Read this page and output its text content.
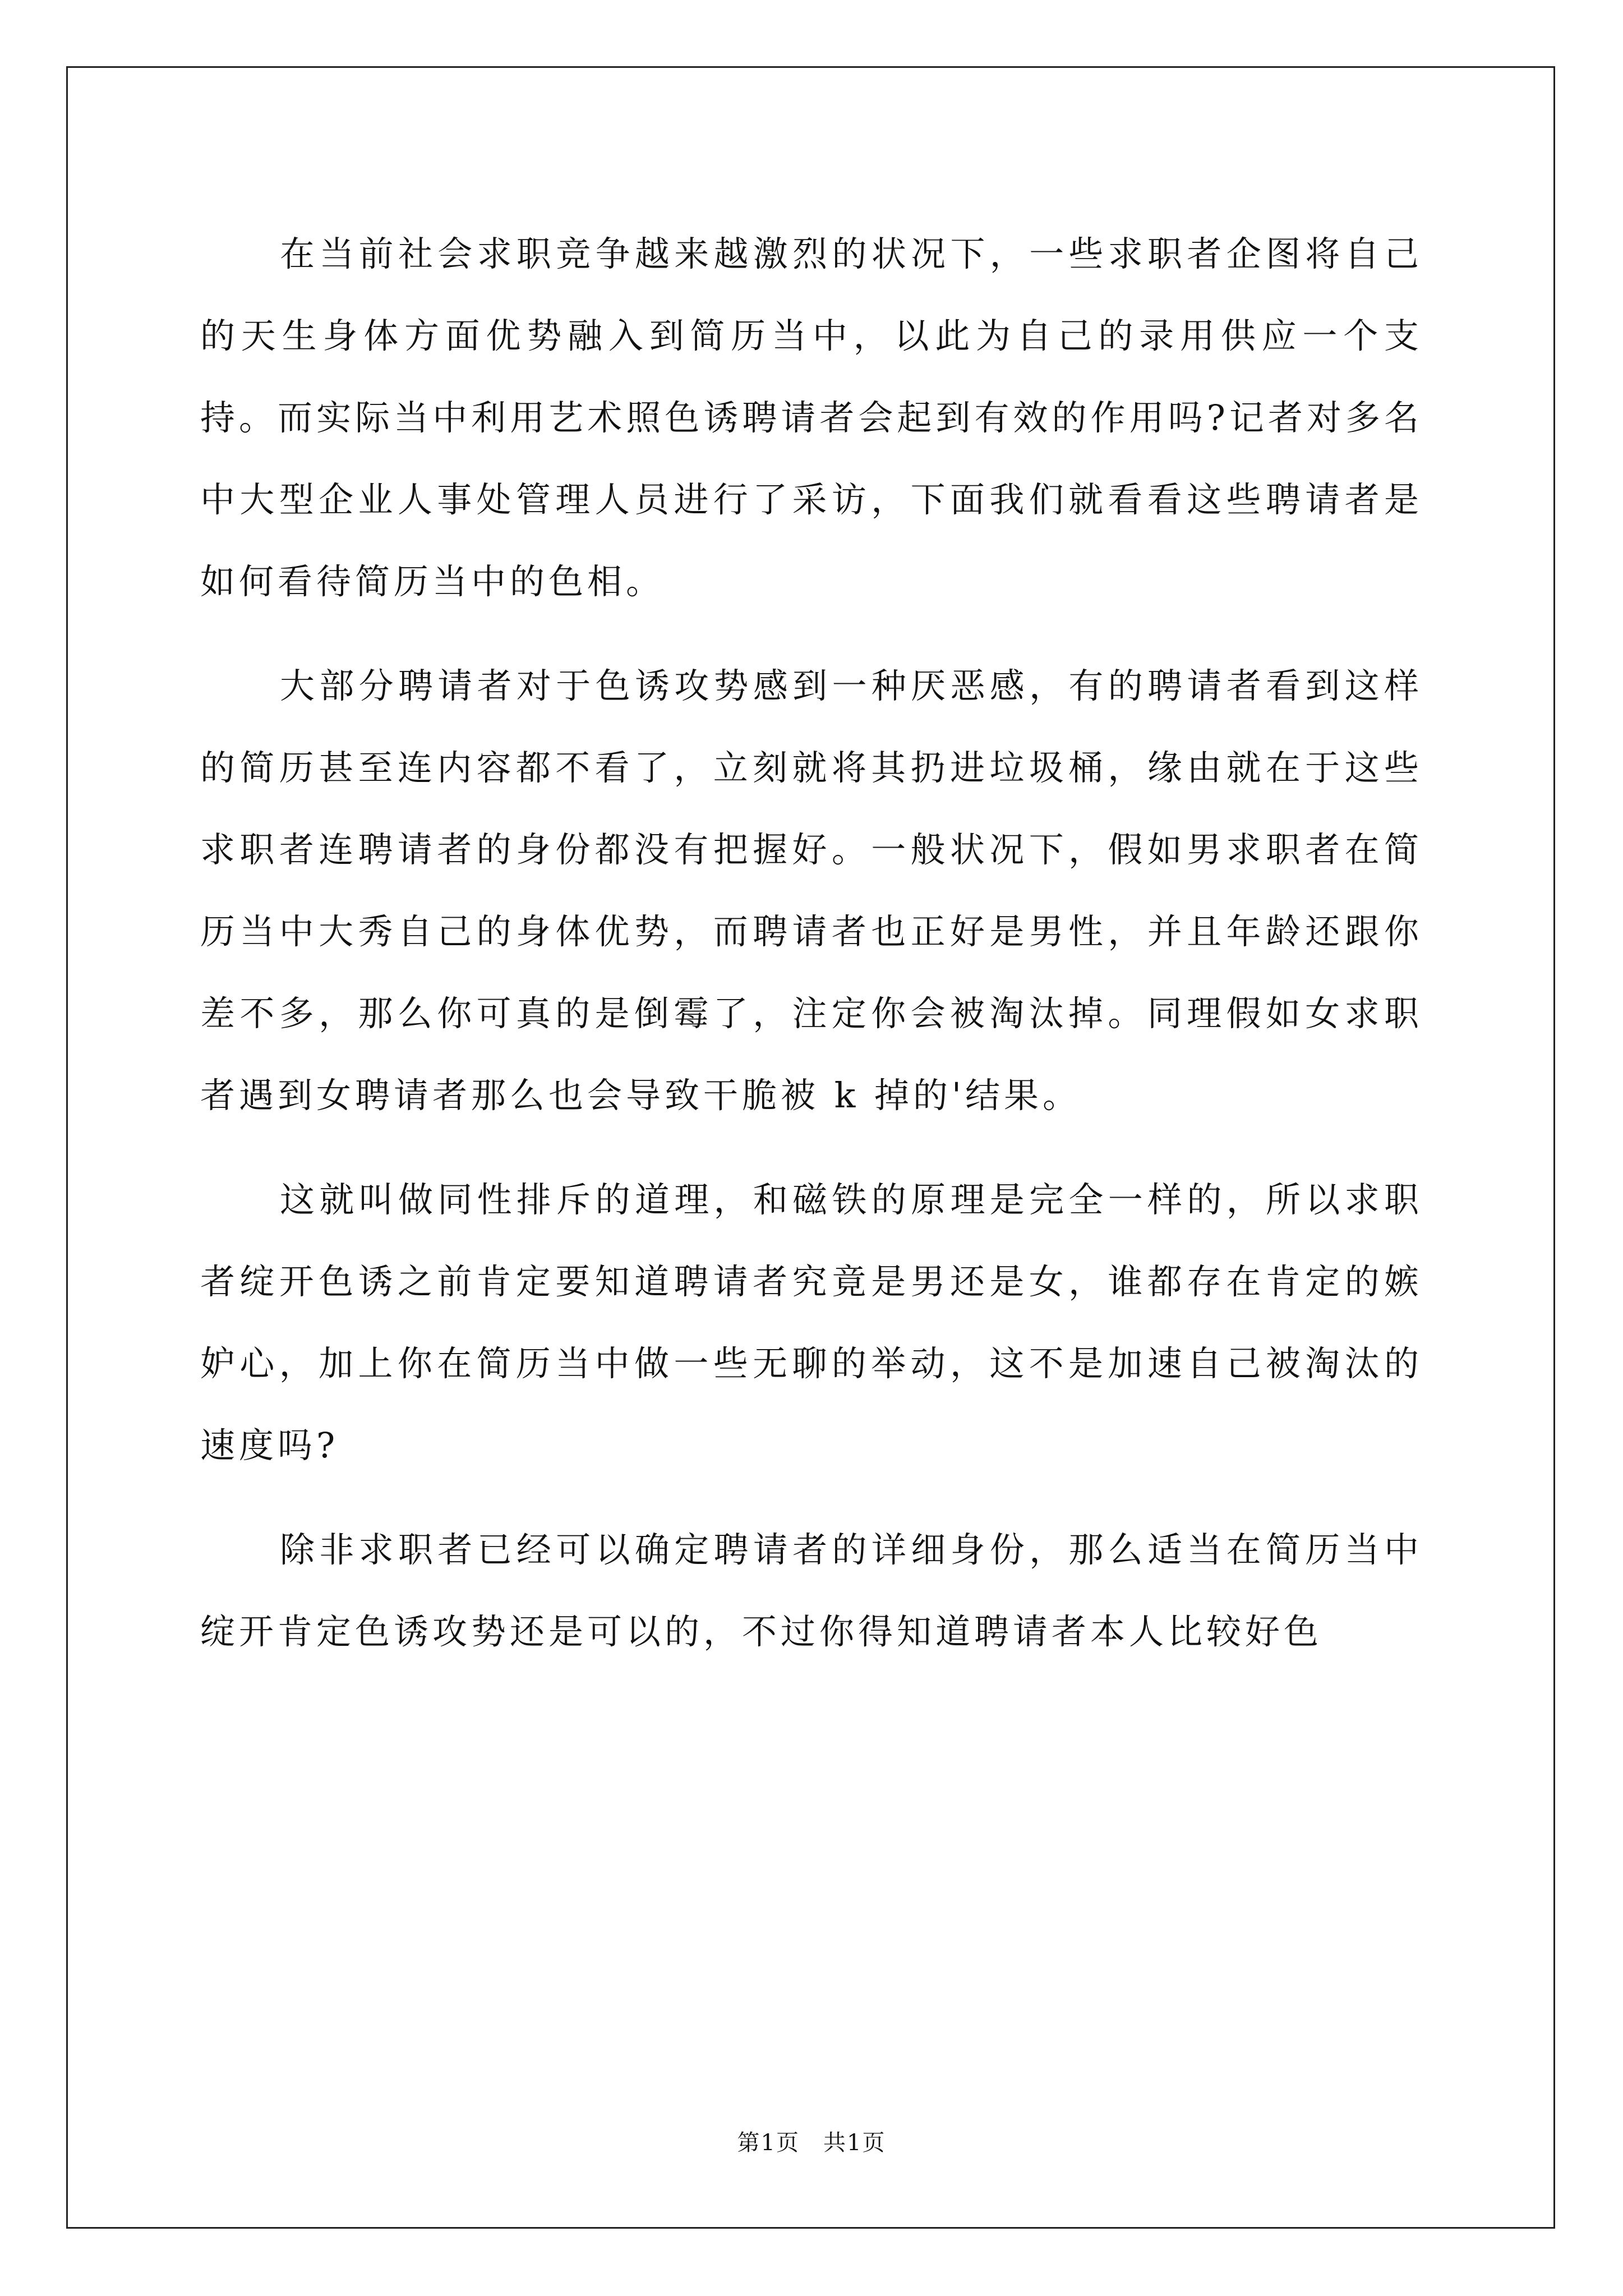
在当前社会求职竞争越来越激烈的状况下，一些求职者企图将自己的天生身体方面优势融入到简历当中，以此为自己的录用供应一个支持。而实际当中利用艺术照色诱聘请者会起到有效的作用吗?记者对多名中大型企业人事处管理人员进行了采访，下面我们就看看这些聘请者是如何看待简历当中的色相。

大部分聘请者对于色诱攻势感到一种厌恶感，有的聘请者看到这样的简历甚至连内容都不看了，立刻就将其扔进垃圾桶，缘由就在于这些求职者连聘请者的身份都没有把握好。一般状况下，假如男求职者在简历当中大秀自己的身体优势，而聘请者也正好是男性，并且年龄还跟你差不多，那么你可真的是倒霉了，注定你会被淘汰掉。同理假如女求职者遇到女聘请者那么也会导致干脆被 k 掉的'结果。

这就叫做同性排斥的道理，和磁铁的原理是完全一样的，所以求职者绽开色诱之前肯定要知道聘请者究竟是男还是女，谁都存在肯定的嫉妒心，加上你在简历当中做一些无聊的举动，这不是加速自己被淘汰的速度吗?

除非求职者已经可以确定聘请者的详细身份，那么适当在简历当中绽开肯定色诱攻势还是可以的，不过你得知道聘请者本人比较好色

第1页　共1页
